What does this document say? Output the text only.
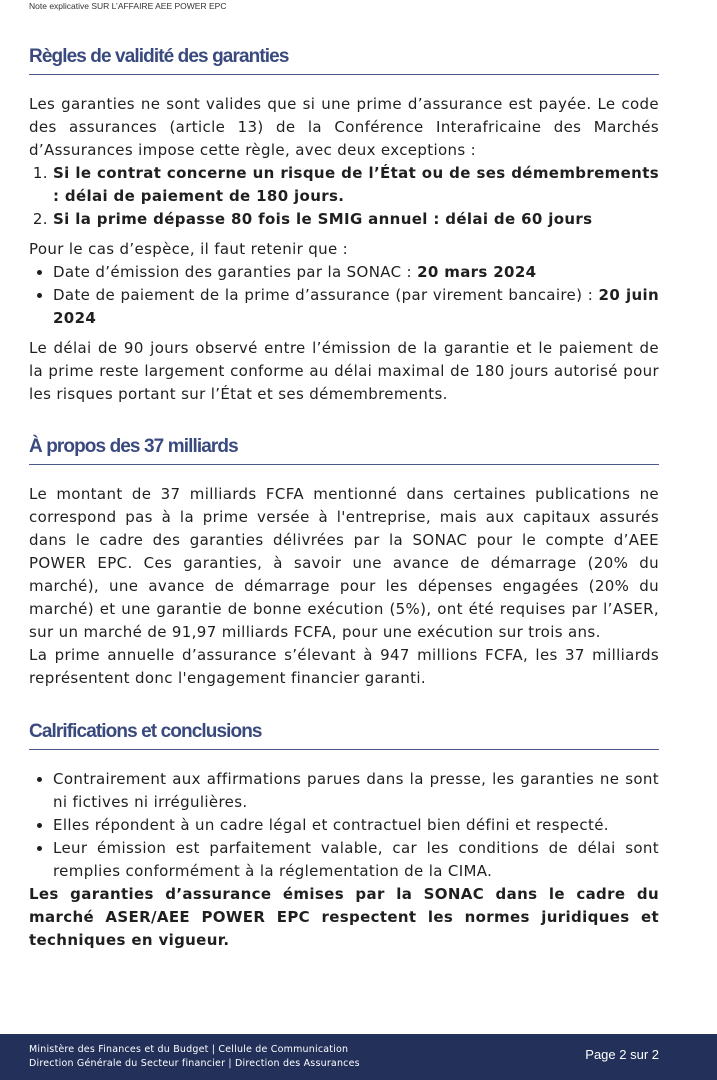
Note explicative SUR L’AFFAIRE AEE POWER EPC
Règles de validité des garanties

Les garanties ne sont valides que si une prime d’assurance est payée. Le code des assurances (article 13) de la Conférence Interafricaine des Marchés d’Assurances impose cette règle, avec deux exceptions :

1. Si le contrat concerne un risque de l’État ou de ses démembrements : délai de paiement de 180 jours.
2. Si la prime dépasse 80 fois le SMIG annuel : délai de 60 jours

Pour le cas d’espèce, il faut retenir que :

• Date d’émission des garanties par la SONAC : 20 mars 2024
• Date de paiement de la prime d’assurance (par virement bancaire) : 20 juin 2024

Le délai de 90 jours observé entre l’émission de la garantie et le paiement de la prime reste largement conforme au délai maximal de 180 jours autorisé pour les risques portant sur l’État et ses démembrements.

À propos des 37 milliards

Le montant de 37 milliards FCFA mentionné dans certaines publications ne correspond pas à la prime versée à l'entreprise, mais aux capitaux assurés dans le cadre des garanties délivrées par la SONAC pour le compte d’AEE POWER EPC. Ces garanties, à savoir une avance de démarrage (20% du marché), une avance de démarrage pour les dépenses engagées (20% du marché) et une garantie de bonne exécution (5%), ont été requises par l’ASER, sur un marché de 91,97 milliards FCFA, pour une exécution sur trois ans.

La prime annuelle d’assurance s’élevant à 947 millions FCFA, les 37 milliards représentent donc l'engagement financier garanti.

Calrifications et conclusions
• Contrairement aux affirmations parues dans la presse, les garanties ne sont ni fictives ni irrégulières.
• Elles répondent à un cadre légal et contractuel bien défini et respecté.
• Leur émission est parfaitement valable, car les conditions de délai sont remplies conformément à la réglementation de la CIMA.

Les garanties d’assurance émises par la SONAC dans le cadre du marché ASER/AEE POWER EPC respectent les normes juridiques et techniques en vigueur.

Ministère des Finances et du Budget | Cellule de Communication
Direction Générale du Secteur financier | Direction des Assurances
Page 2 sur 2
